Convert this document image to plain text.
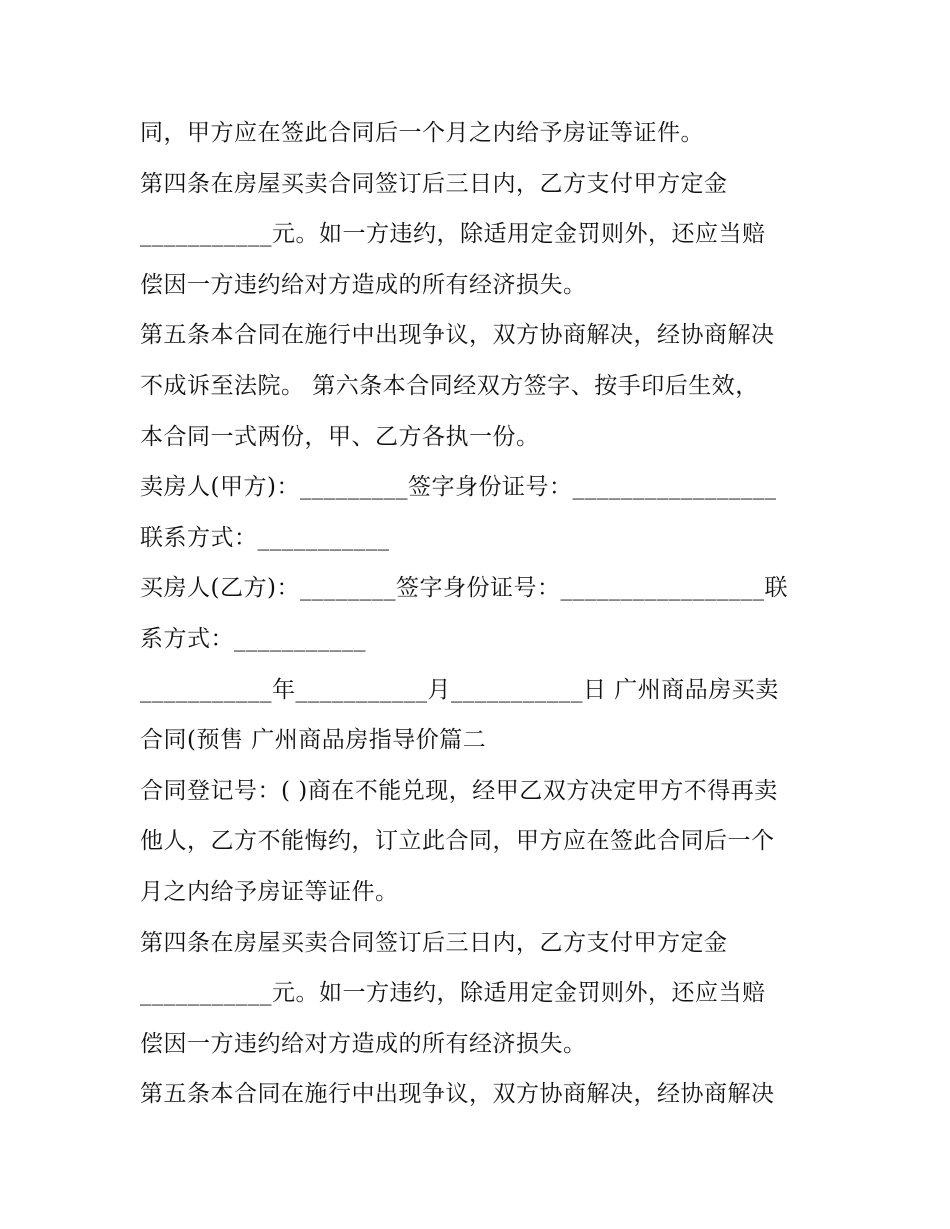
同，甲方应在签此合同后一个月之内给予房证等证件。
第四条在房屋买卖合同签订后三日内，乙方支付甲方定金
___________元。如一方违约，除适用定金罚则外，还应当赔
偿因一方违约给对方造成的所有经济损失。
第五条本合同在施行中出现争议，双方协商解决，经协商解决
不成诉至法院。 第六条本合同经双方签字、按手印后生效，
本合同一式两份，甲、乙方各执一份。
卖房人(甲方)：_________签字身份证号：_________________
联系方式：___________
买房人(乙方)：________签字身份证号：_________________联
系方式：___________
___________年___________月___________日 广州商品房买卖
合同(预售 广州商品房指导价篇二
合同登记号：( )商在不能兑现，经甲乙双方决定甲方不得再卖
他人，乙方不能悔约，订立此合同，甲方应在签此合同后一个
月之内给予房证等证件。
第四条在房屋买卖合同签订后三日内，乙方支付甲方定金
___________元。如一方违约，除适用定金罚则外，还应当赔
偿因一方违约给对方造成的所有经济损失。
第五条本合同在施行中出现争议，双方协商解决，经协商解决
